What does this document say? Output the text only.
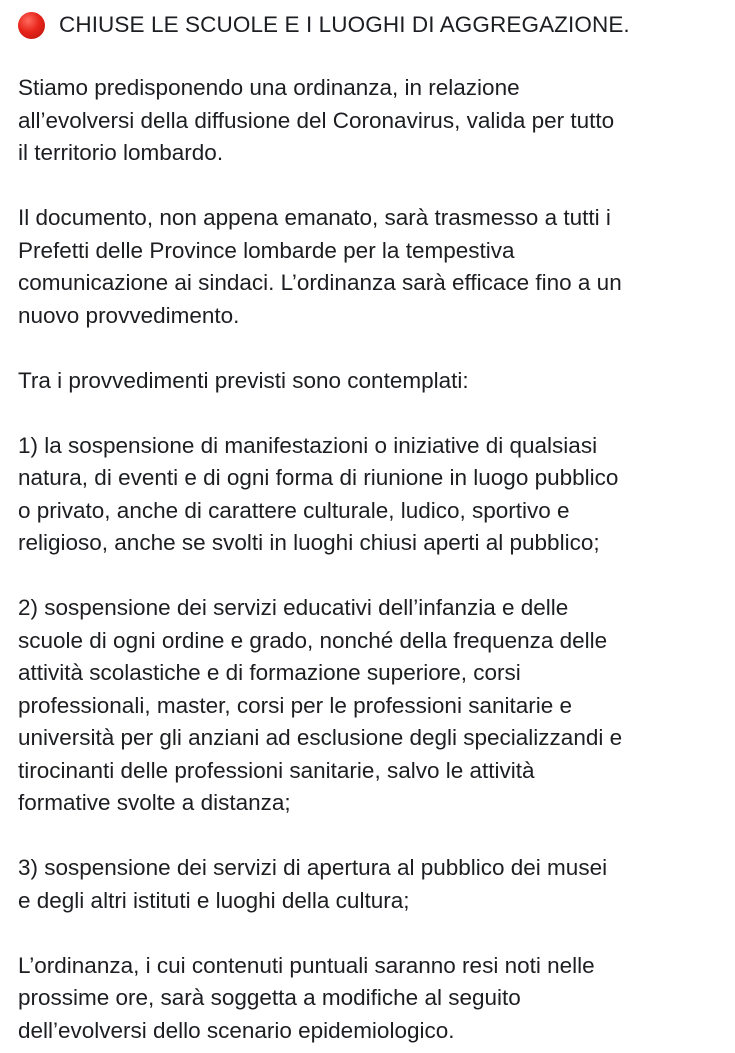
CHIUSE LE SCUOLE E I LUOGHI DI AGGREGAZIONE.

Stiamo predisponendo una ordinanza, in relazione
all’evolversi della diffusione del Coronavirus, valida per tutto
il territorio lombardo.

Il documento, non appena emanato, sarà trasmesso a tutti i
Prefetti delle Province lombarde per la tempestiva
comunicazione ai sindaci. L’ordinanza sarà efficace fino a un
nuovo provvedimento.

Tra i provvedimenti previsti sono contemplati:

1) la sospensione di manifestazioni o iniziative di qualsiasi
natura, di eventi e di ogni forma di riunione in luogo pubblico
o privato, anche di carattere culturale, ludico, sportivo e
religioso, anche se svolti in luoghi chiusi aperti al pubblico;

2) sospensione dei servizi educativi dell’infanzia e delle
scuole di ogni ordine e grado, nonché della frequenza delle
attività scolastiche e di formazione superiore, corsi
professionali, master, corsi per le professioni sanitarie e
università per gli anziani ad esclusione degli specializzandi e
tirocinanti delle professioni sanitarie, salvo le attività
formative svolte a distanza;

3) sospensione dei servizi di apertura al pubblico dei musei
e degli altri istituti e luoghi della cultura;

L’ordinanza, i cui contenuti puntuali saranno resi noti nelle
prossime ore, sarà soggetta a modifiche al seguito
dell’evolversi dello scenario epidemiologico.
